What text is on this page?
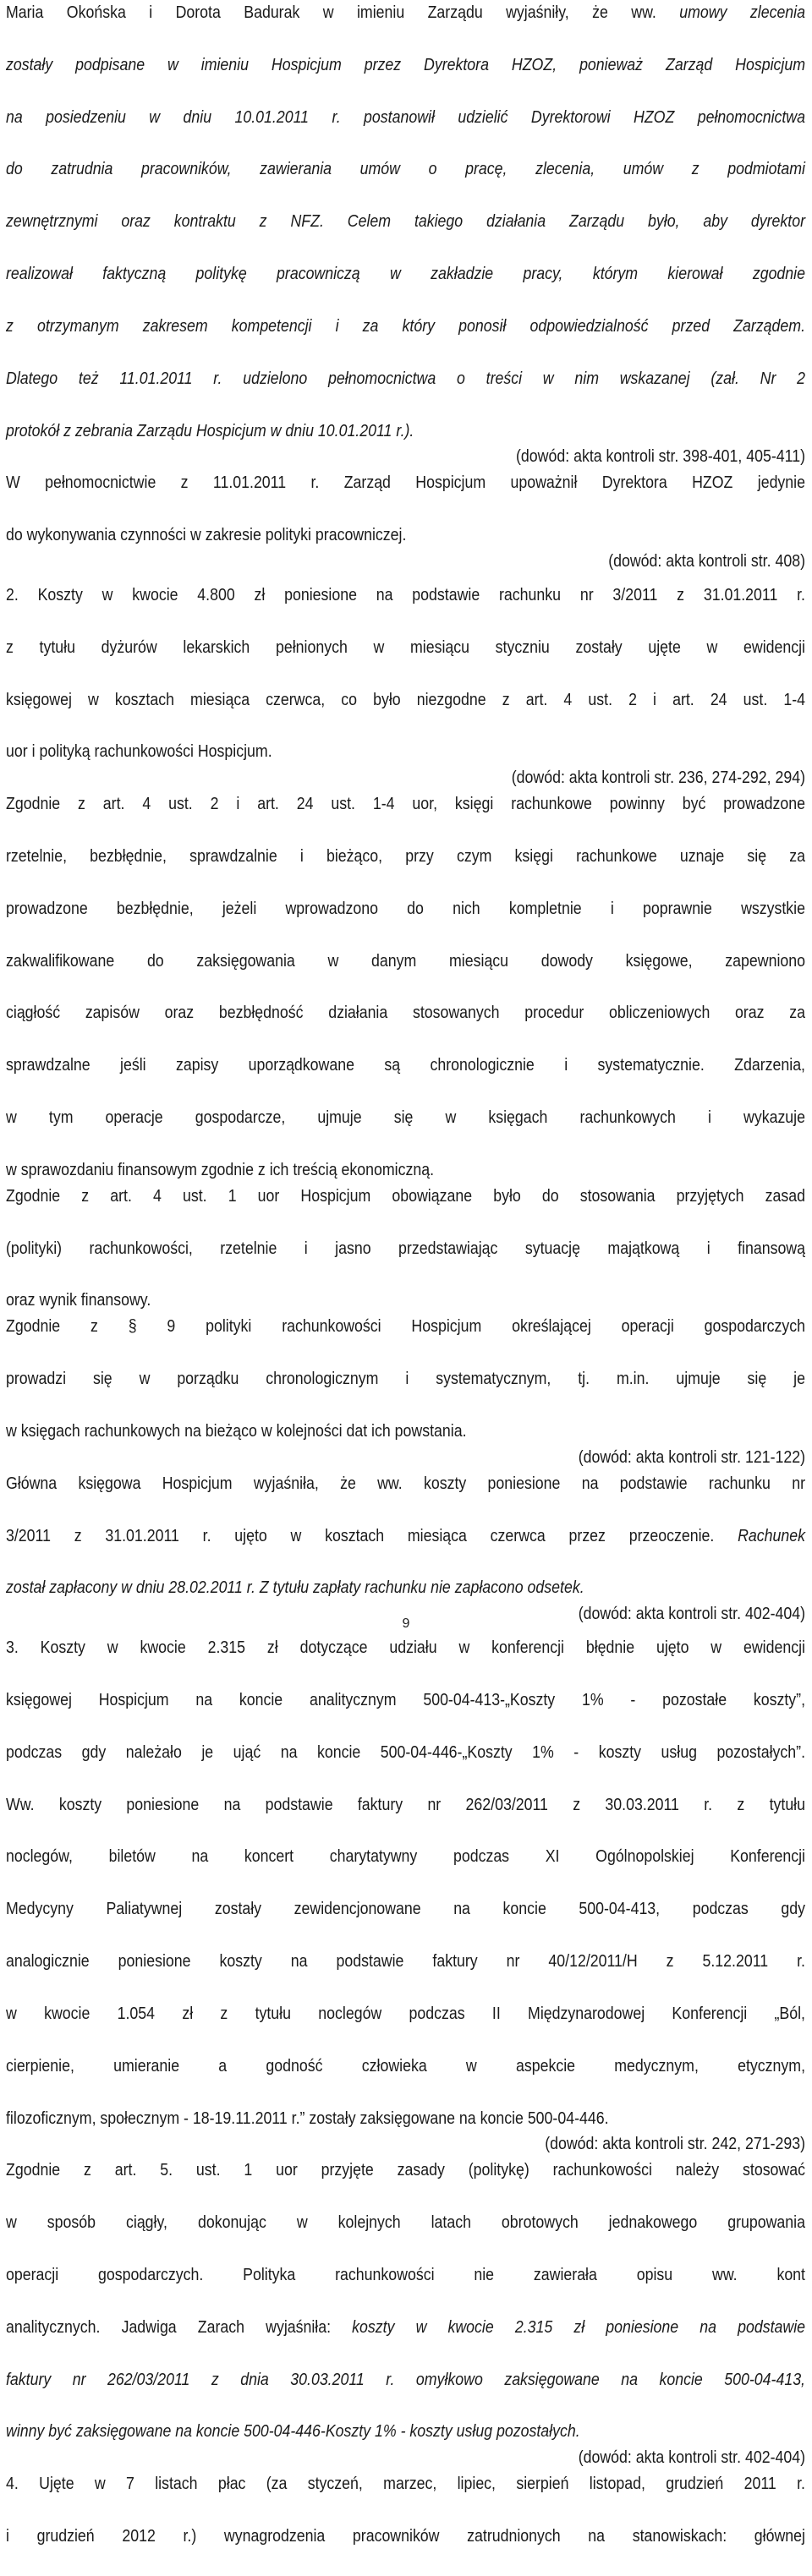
Maria Okońska i Dorota Badurak w imieniu Zarządu wyjaśniły, że ww. umowy zlecenia
zostały podpisane w imieniu Hospicjum przez Dyrektora HZOZ, ponieważ Zarząd Hospicjum
na posiedzeniu w dniu 10.01.2011 r. postanowił udzielić Dyrektorowi HZOZ pełnomocnictwa
do zatrudnia pracowników, zawierania umów o pracę, zlecenia, umów z podmiotami
zewnętrznymi oraz kontraktu z NFZ. Celem takiego działania Zarządu było, aby dyrektor
realizował faktyczną politykę pracowniczą w zakładzie pracy, którym kierował zgodnie
z otrzymanym zakresem kompetencji i za który ponosił odpowiedzialność przed Zarządem.
Dlatego też 11.01.2011 r. udzielono pełnomocnictwa o treści w nim wskazanej (zał. Nr 2
protokół z zebrania Zarządu Hospicjum w dniu 10.01.2011 r.).
(dowód: akta kontroli str. 398-401, 405-411)
W pełnomocnictwie z 11.01.2011 r. Zarząd Hospicjum upoważnił Dyrektora HZOZ jedynie
do wykonywania czynności w zakresie polityki pracowniczej.
(dowód: akta kontroli str. 408)
2. Koszty w kwocie 4.800 zł poniesione na podstawie rachunku nr 3/2011 z 31.01.2011 r.
z tytułu dyżurów lekarskich pełnionych w miesiącu styczniu zostały ujęte w ewidencji
księgowej w kosztach miesiąca czerwca, co było niezgodne z art. 4 ust. 2 i art. 24 ust. 1-4
uor i polityką rachunkowości Hospicjum.
(dowód: akta kontroli str. 236, 274-292, 294)
Zgodnie z art. 4 ust. 2 i art. 24 ust. 1-4 uor, księgi rachunkowe powinny być prowadzone
rzetelnie, bezbłędnie, sprawdzalnie i bieżąco, przy czym księgi rachunkowe uznaje się za
prowadzone bezbłędnie, jeżeli wprowadzono do nich kompletnie i poprawnie wszystkie
zakwalifikowane do zaksięgowania w danym miesiącu dowody księgowe, zapewniono
ciągłość zapisów oraz bezbłędność działania stosowanych procedur obliczeniowych oraz za
sprawdzalne jeśli zapisy uporządkowane są chronologicznie i systematycznie. Zdarzenia,
w tym operacje gospodarcze, ujmuje się w księgach rachunkowych i wykazuje
w sprawozdaniu finansowym zgodnie z ich treścią ekonomiczną.
Zgodnie z art. 4 ust. 1 uor Hospicjum obowiązane było do stosowania przyjętych zasad
(polityki) rachunkowości, rzetelnie i jasno przedstawiając sytuację majątkową i finansową
oraz wynik finansowy.
Zgodnie z § 9 polityki rachunkowości Hospicjum określającej operacji gospodarczych
prowadzi się w porządku chronologicznym i systematycznym, tj. m.in. ujmuje się je
w księgach rachunkowych na bieżąco w kolejności dat ich powstania.
(dowód: akta kontroli str. 121-122)
Główna księgowa Hospicjum wyjaśniła, że ww. koszty poniesione na podstawie rachunku nr
3/2011 z 31.01.2011 r. ujęto w kosztach miesiąca czerwca przez przeoczenie. Rachunek
został zapłacony w dniu 28.02.2011 r. Z tytułu zapłaty rachunku nie zapłacono odsetek.
(dowód: akta kontroli str. 402-404)
3. Koszty w kwocie 2.315 zł dotyczące udziału w konferencji błędnie ujęto w ewidencji
księgowej Hospicjum na koncie analitycznym 500-04-413-„Koszty 1% - pozostałe koszty”,
podczas gdy należało je ująć na koncie 500-04-446-„Koszty 1% - koszty usług pozostałych”.
Ww. koszty poniesione na podstawie faktury nr 262/03/2011 z 30.03.2011 r. z tytułu
noclegów, biletów na koncert charytatywny podczas XI Ogólnopolskiej Konferencji
Medycyny Paliatywnej zostały zewidencjonowane na koncie 500-04-413, podczas gdy
analogicznie poniesione koszty na podstawie faktury nr 40/12/2011/H z 5.12.2011 r.
w kwocie 1.054 zł z tytułu noclegów podczas II Międzynarodowej Konferencji „Ból,
cierpienie, umieranie a godność człowieka w aspekcie medycznym, etycznym,
filozoficznym, społecznym - 18-19.11.2011 r.” zostały zaksięgowane na koncie 500-04-446.
(dowód: akta kontroli str. 242, 271-293)
Zgodnie z art. 5. ust. 1 uor przyjęte zasady (politykę) rachunkowości należy stosować
w sposób ciągły, dokonując w kolejnych latach obrotowych jednakowego grupowania
operacji gospodarczych. Polityka rachunkowości nie zawierała opisu ww. kont
analitycznych. Jadwiga Zarach wyjaśniła: koszty w kwocie 2.315 zł poniesione na podstawie
faktury nr 262/03/2011 z dnia 30.03.2011 r. omyłkowo zaksięgowane na koncie 500-04-413,
winny być zaksięgowane na koncie 500-04-446-Koszty 1% - koszty usług pozostałych.
(dowód: akta kontroli str. 402-404)
4. Ujęte w 7 listach płac (za styczeń, marzec, lipiec, sierpień listopad, grudzień 2011 r.
i grudzień 2012 r.) wynagrodzenia pracowników zatrudnionych na stanowiskach: głównej
9
